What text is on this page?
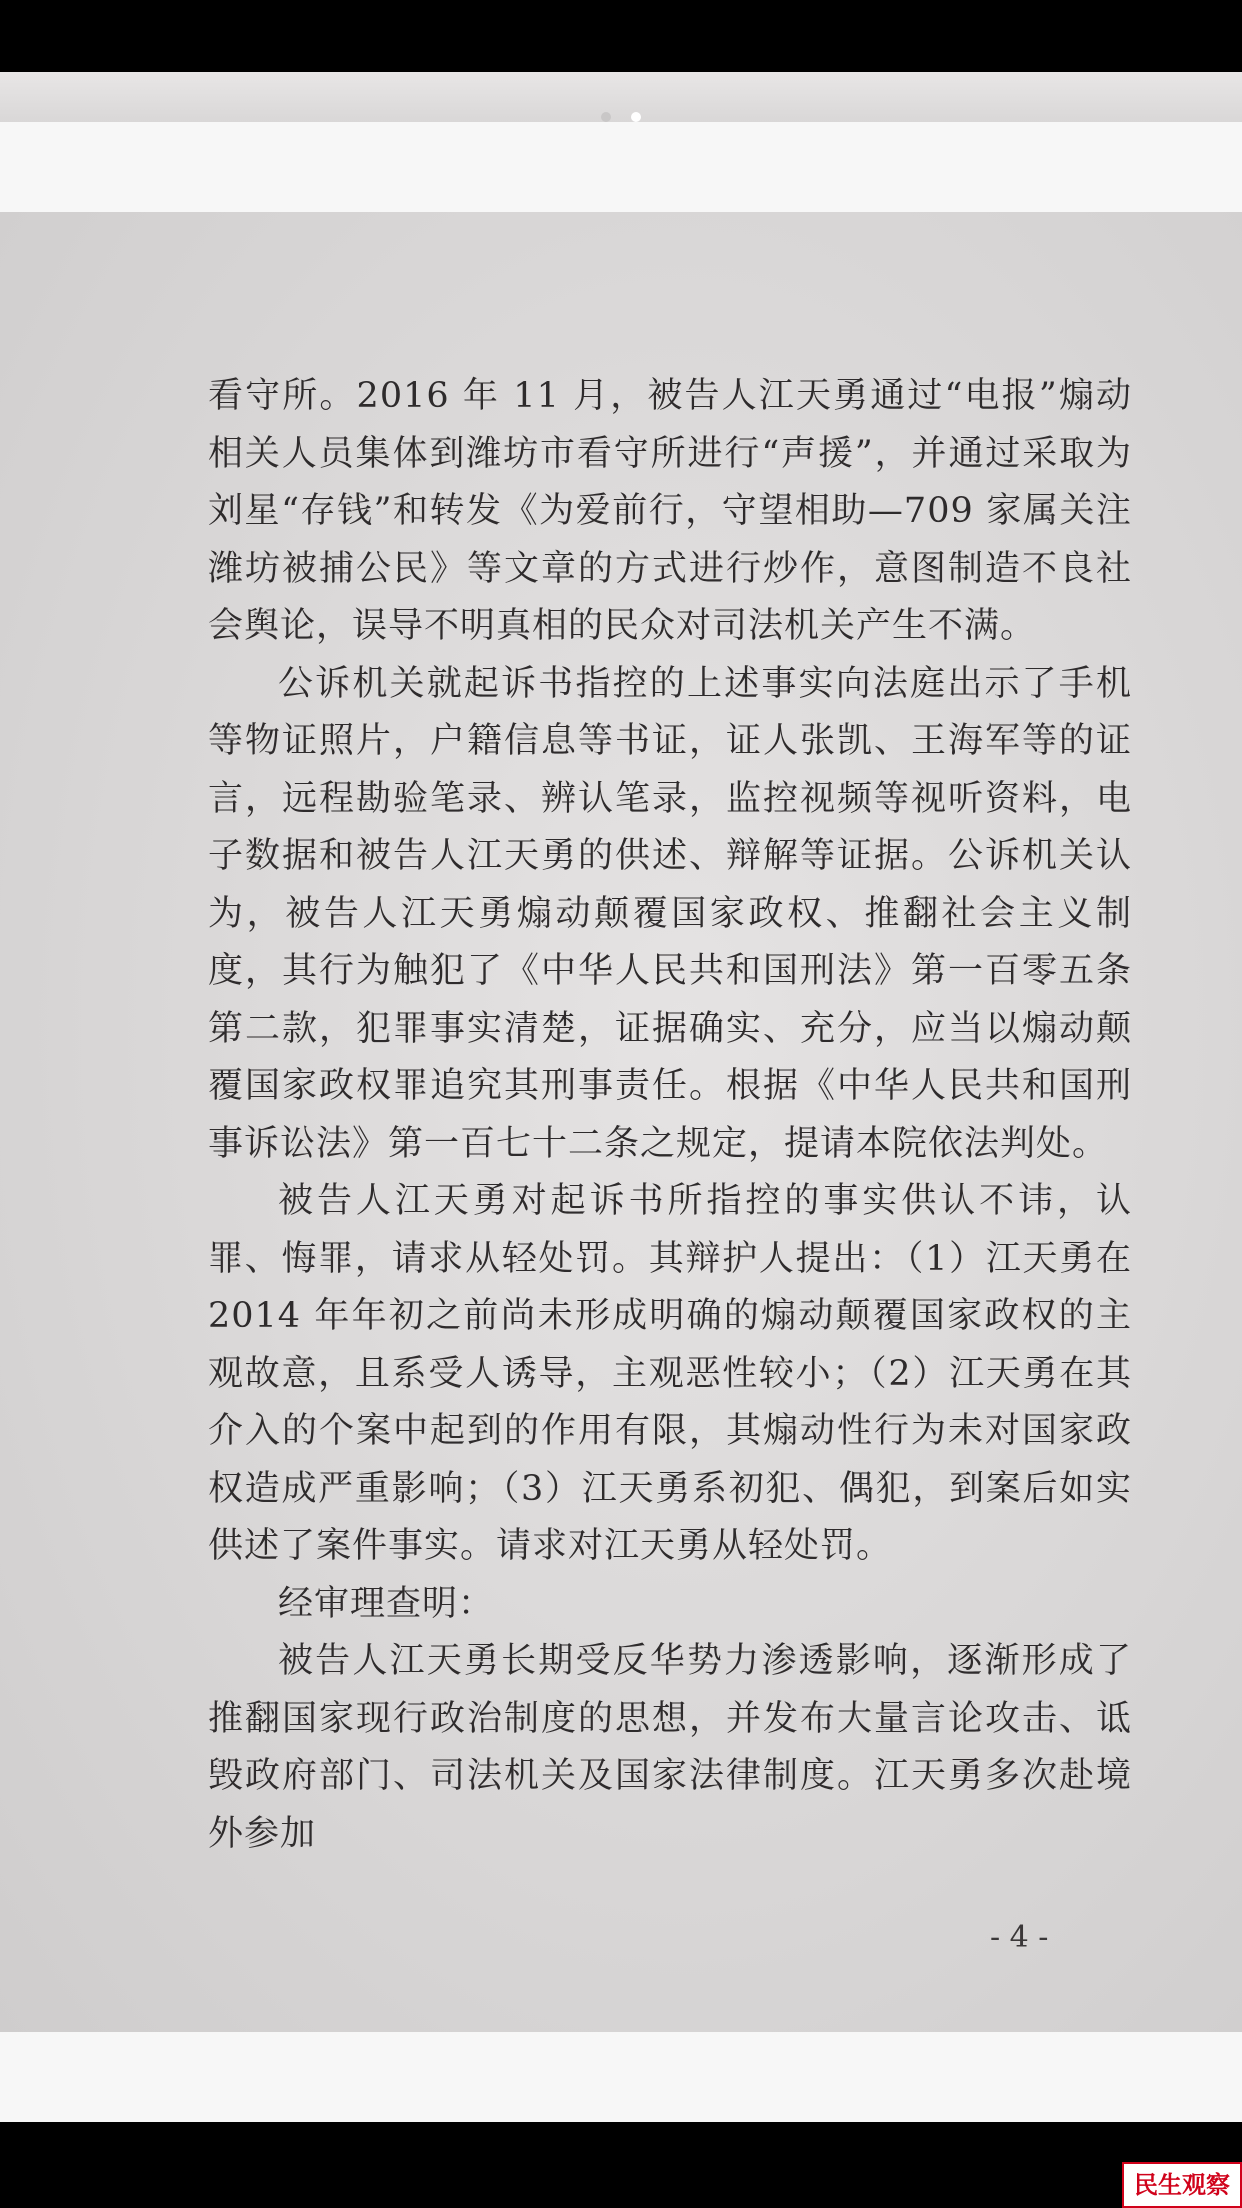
看守所。2016 年 11 月，被告人江天勇通过“电报”煽动相关人员集体到潍坊市看守所进行“声援”，并通过采取为刘星“存钱”和转发《为爱前行，守望相助—709 家属关注潍坊被捕公民》等文章的方式进行炒作，意图制造不良社会舆论，误导不明真相的民众对司法机关产生不满。

公诉机关就起诉书指控的上述事实向法庭出示了手机等物证照片，户籍信息等书证，证人张凯、王海军等的证言，远程勘验笔录、辨认笔录，监控视频等视听资料，电子数据和被告人江天勇的供述、辩解等证据。公诉机关认为，被告人江天勇煽动颠覆国家政权、推翻社会主义制度，其行为触犯了《中华人民共和国刑法》第一百零五条第二款，犯罪事实清楚，证据确实、充分，应当以煽动颠覆国家政权罪追究其刑事责任。根据《中华人民共和国刑事诉讼法》第一百七十二条之规定，提请本院依法判处。

被告人江天勇对起诉书所指控的事实供认不讳，认罪、悔罪，请求从轻处罚。其辩护人提出：（1）江天勇在 2014 年年初之前尚未形成明确的煽动颠覆国家政权的主观故意，且系受人诱导，主观恶性较小；（2）江天勇在其介入的个案中起到的作用有限，其煽动性行为未对国家政权造成严重影响；（3）江天勇系初犯、偶犯，到案后如实供述了案件事实。请求对江天勇从轻处罚。

经审理查明：

被告人江天勇长期受反华势力渗透影响，逐渐形成了推翻国家现行政治制度的思想，并发布大量言论攻击、诋毁政府部门、司法机关及国家法律制度。江天勇多次赴境外参加

- 4 -
民生观察
